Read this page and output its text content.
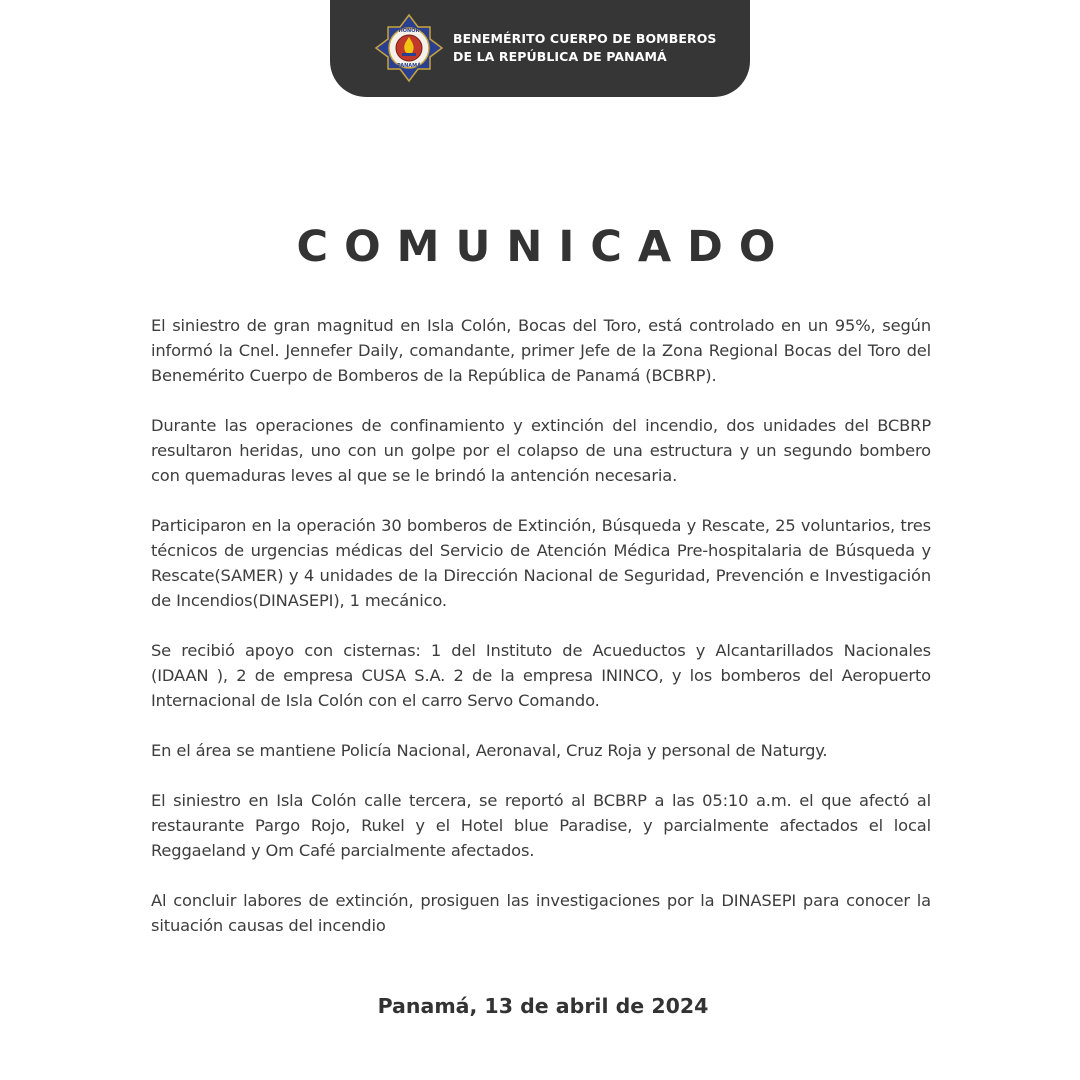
HONOR
PANAMÁ
BENEMÉRITO CUERPO DE BOMBEROS
DE LA REPÚBLICA DE PANAMÁ
COMUNICADO

El siniestro de gran magnitud en Isla Colón, Bocas del Toro, está controlado en un 95%, según informó la Cnel. Jennefer Daily, comandante, primer Jefe de la Zona Regional Bocas del Toro del Benemérito Cuerpo de Bomberos de la República de Panamá (BCBRP).

Durante las operaciones de confinamiento y extinción del incendio, dos unidades del BCBRP resultaron heridas, uno con un golpe por el colapso de una estructura y un segundo bombero con quemaduras leves al que se le brindó la antención necesaria.

Participaron en la operación 30 bomberos de Extinción, Búsqueda y Rescate, 25 voluntarios, tres técnicos de urgencias médicas del Servicio de Atención Médica Pre-hospitalaria de Búsqueda y Rescate(SAMER) y 4 unidades de la Dirección Nacional de Seguridad, Prevención e Investigación de Incendios(DINASEPI), 1 mecánico.

Se recibió apoyo con cisternas: 1 del Instituto de Acueductos y Alcantarillados Nacionales (IDAAN ), 2 de empresa CUSA S.A. 2 de la empresa ININCO, y los bomberos del Aeropuerto Internacional de Isla Colón con el carro Servo Comando.

En el área se mantiene Policía Nacional, Aeronaval, Cruz Roja y personal de Naturgy.

El siniestro en Isla Colón calle tercera, se reportó al BCBRP a las 05:10 a.m. el que afectó al restaurante Pargo Rojo, Rukel y el Hotel blue Paradise, y parcialmente afectados el local Reggaeland y Om Café parcialmente afectados.

Al concluir labores de extinción, prosiguen las investigaciones por la DINASEPI para conocer la situación causas del incendio

Panamá, 13 de abril de 2024
